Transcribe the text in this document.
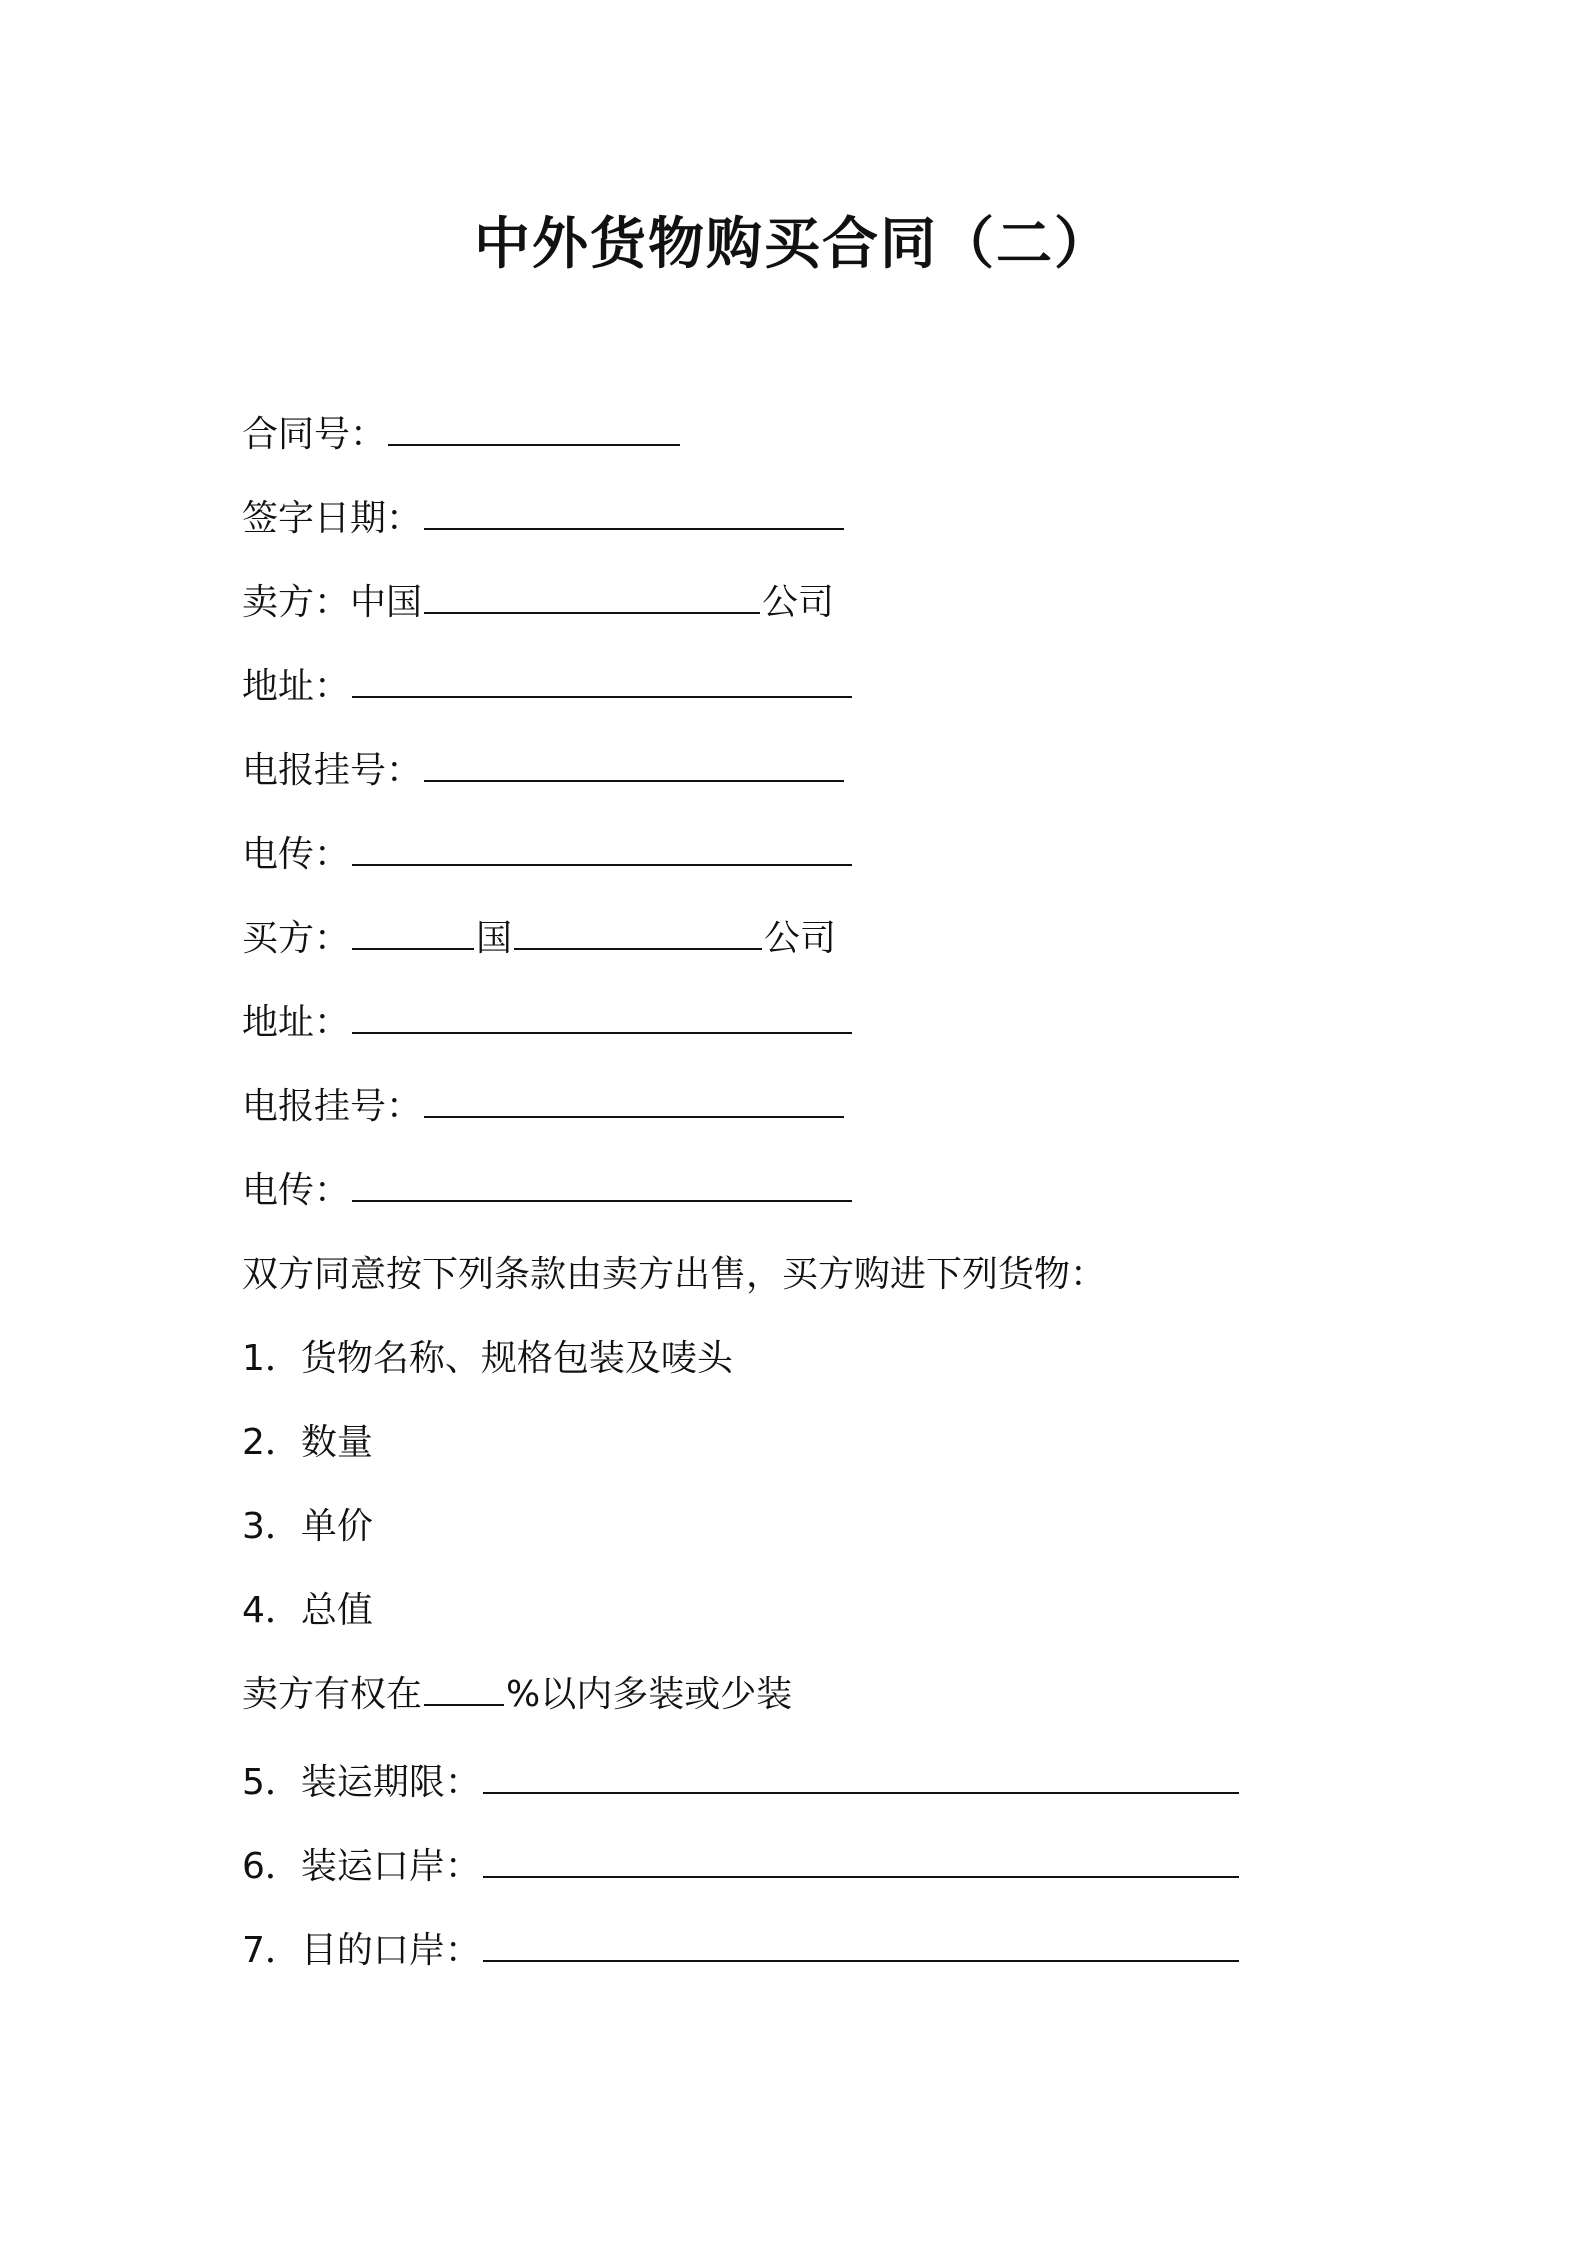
中外货物购买合同（二）
合同号：
签字日期：
卖方：中国	公司
地址：
电报挂号：
电传：
买方：	国	公司
地址：
电报挂号：
电传：
双方同意按下列条款由卖方出售，买方购进下列货物：
1．货物名称、规格包装及唛头
2．数量
3．单价
4．总值
卖方有权在 %以内多装或少装
5．装运期限：
6．装运口岸：
7．目的口岸：
